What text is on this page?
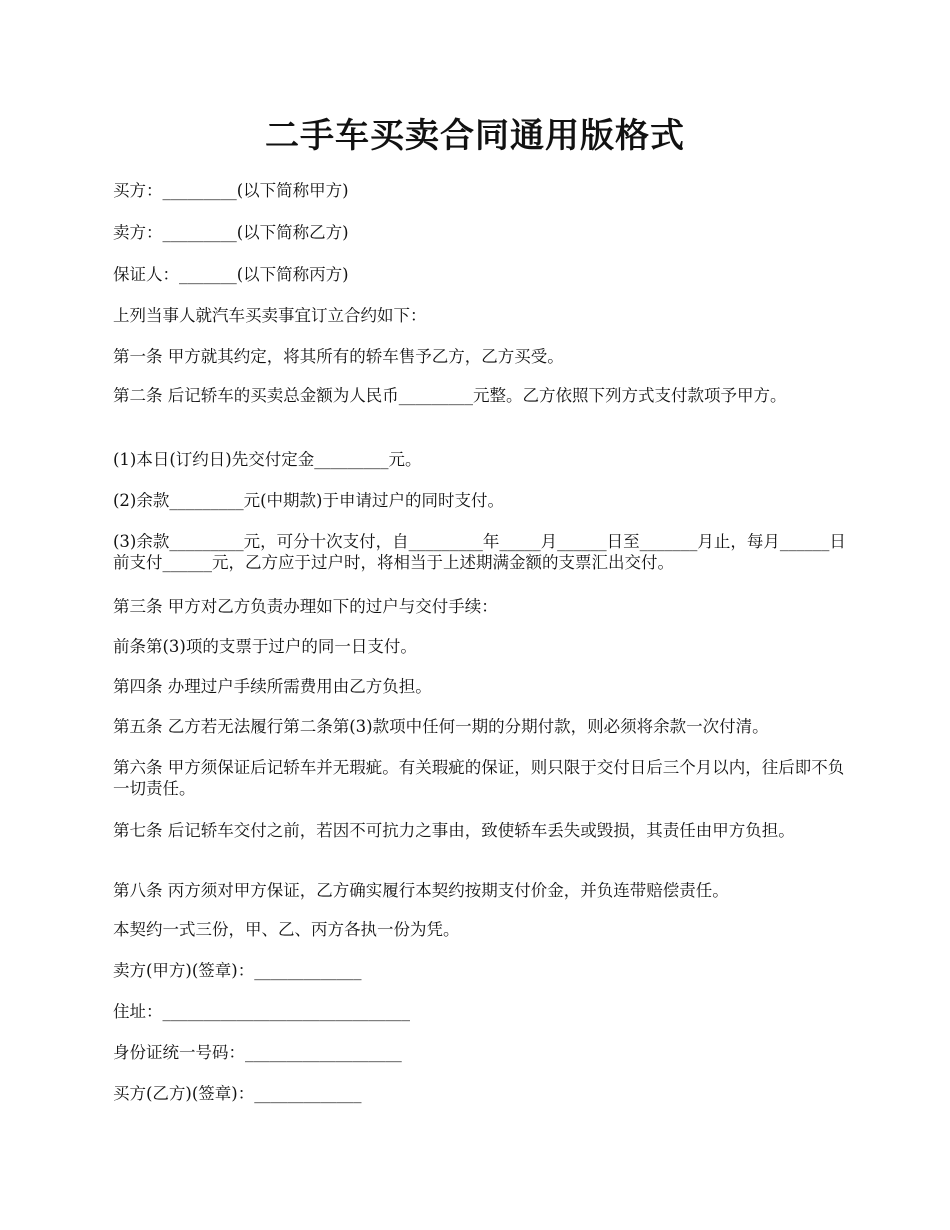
二手车买卖合同通用版格式

买方：_________(以下简称甲方)

卖方：_________(以下简称乙方)

保证人：_______(以下简称丙方)

上列当事人就汽车买卖事宜订立合约如下：

第一条 甲方就其约定，将其所有的轿车售予乙方，乙方买受。

第二条 后记轿车的买卖总金额为人民币_________元整。乙方依照下列方式支付款项予甲方。

(1)本日(订约日)先交付定金_________元。

(2)余款_________元(中期款)于申请过户的同时支付。

(3)余款_________元，可分十次支付，自_________年_____月______日至_______月止，每月______日前支付______元，乙方应于过户时，将相当于上述期满金额的支票汇出交付。

第三条 甲方对乙方负责办理如下的过户与交付手续：

前条第(3)项的支票于过户的同一日支付。

第四条 办理过户手续所需费用由乙方负担。

第五条 乙方若无法履行第二条第(3)款项中任何一期的分期付款，则必须将余款一次付清。

第六条 甲方须保证后记轿车并无瑕疵。有关瑕疵的保证，则只限于交付日后三个月以内，往后即不负一切责任。

第七条 后记轿车交付之前，若因不可抗力之事由，致使轿车丢失或毁损，其责任由甲方负担。

第八条 丙方须对甲方保证，乙方确实履行本契约按期支付价金，并负连带赔偿责任。

本契约一式三份，甲、乙、丙方各执一份为凭。

卖方(甲方)(签章)：_____________

住址：______________________________

身份证统一号码：___________________

买方(乙方)(签章)：_____________
